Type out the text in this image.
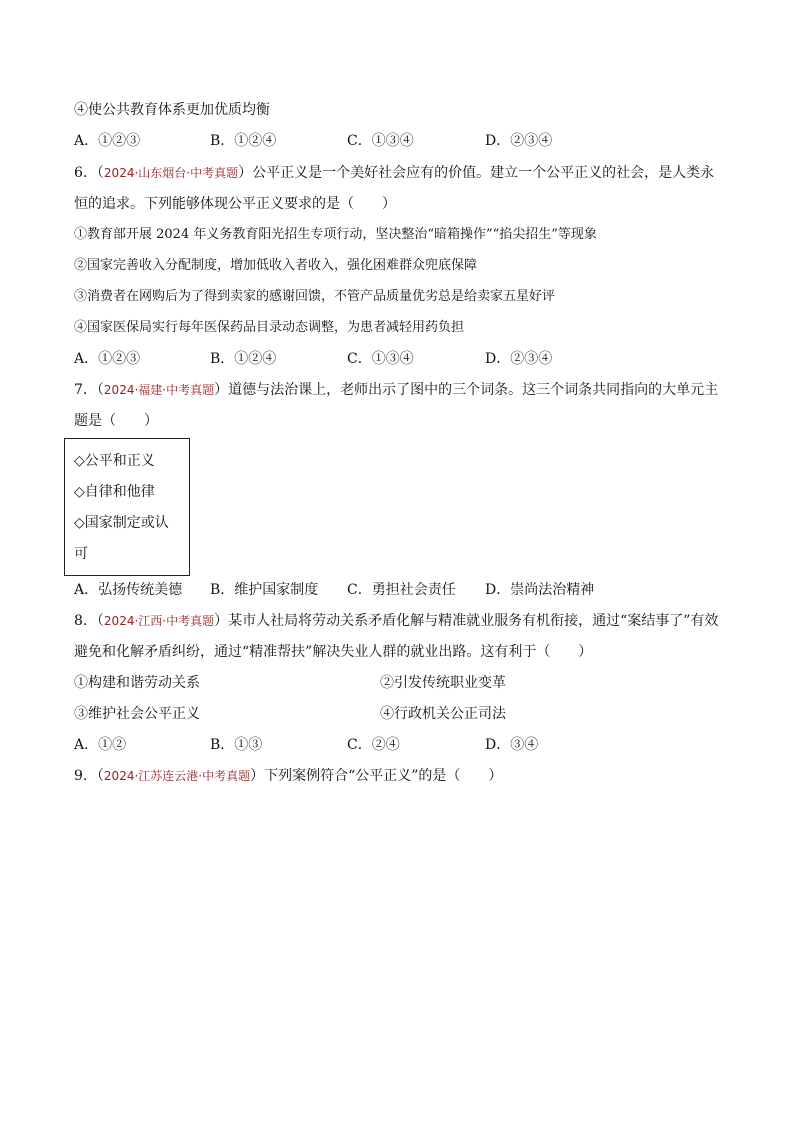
④使公共教育体系更加优质均衡
A．①②③	B．①②④	C．①③④	D．②③④
6．（2024·山东烟台·中考真题）公平正义是一个美好社会应有的价值。建立一个公平正义的社会，是人类永
恒的追求。下列能够体现公平正义要求的是（　　）
①教育部开展 2024 年义务教育阳光招生专项行动，坚决整治“暗箱操作”“掐尖招生”等现象
②国家完善收入分配制度，增加低收入者收入，强化困难群众兜底保障
③消费者在网购后为了得到卖家的感谢回馈，不管产品质量优劣总是给卖家五星好评
④国家医保局实行每年医保药品目录动态调整，为患者减轻用药负担
A．①②③	B．①②④	C．①③④	D．②③④
7．（2024·福建·中考真题）道德与法治课上，老师出示了图中的三个词条。这三个词条共同指向的大单元主
题是（　　）
◇公平和正义
◇自律和他律
◇国家制定或认
可
A．弘扬传统美德 B．维护国家制度 C．勇担社会责任 D．崇尚法治精神
8．（2024·江西·中考真题）某市人社局将劳动关系矛盾化解与精准就业服务有机衔接，通过“案结事了”有效
避免和化解矛盾纠纷，通过“精准帮扶”解决失业人群的就业出路。这有利于（　　）
①构建和谐劳动关系	②引发传统职业变革
③维护社会公平正义	④行政机关公正司法
A．①②	B．①③	C．②④	D．③④
9．（2024·江苏连云港·中考真题）下列案例符合“公平正义”的是（　　）
